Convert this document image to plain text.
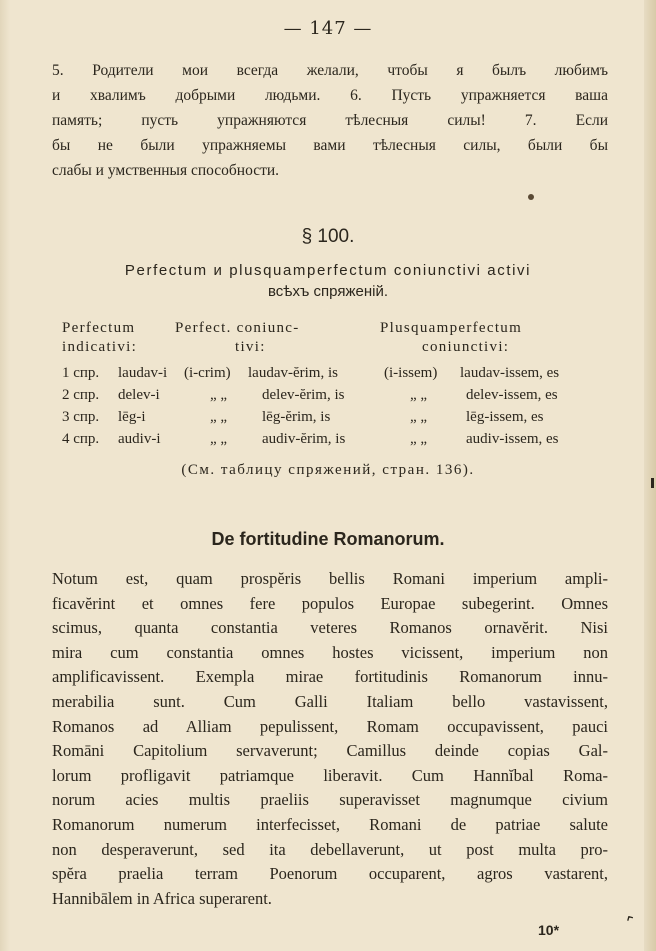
— 147 —
5. Родители мои всегда желали, чтобы я былъ любимъ
и хвалимъ добрыми людьми. 6. Пусть упражняется ваша
память; пусть упражняются тѣлесныя силы! 7. Если
бы не были упражняемы вами тѣлесныя силы, были бы
слабы и умственныя способности.
§ 100.
Perfectum и plusquamperfectum coniunctivi activi
всѣхъ спряженій.
Perfectum
indicativi:
Perfect. coniunc-
tivi:
Plusquamperfectum
coniunctivi:
1 спр. laudav-i (i-crim) laudav-ĕrim, is	(i-issem) laudav-issem, es
2 спр. delev-i	„ „ delev-ĕrim, is	„ „	delev-issem, es
3 спр. lēg-i	„ „ lēg-ĕrim, is	„ „	lēg-issem, es
4 спр. audiv-i	„ „ audiv-ĕrim, is	„ „	audiv-issem, es
(См. таблицу спряжений, стран. 136).
De fortitudine Romanorum.
Notum est, quam prospĕris bellis Romani imperium ampli-
ficavĕrint et omnes fere populos Europae subegerint. Omnes
scimus, quanta constantia veteres Romanos ornavĕrit. Nisi
mira cum constantia omnes hostes vicissent, imperium non
amplificavissent. Exempla mirae fortitudinis Romanorum innu-
merabilia sunt. Cum Galli Italiam bello vastavissent,
Romanos ad Alliam pepulissent, Romam occupavissent, pauci
Romāni Capitolium servaverunt; Camillus deinde copias Gal-
lorum profligavit patriamque liberavit. Cum Hannĭbal Roma-
norum acies multis praeliis superavisset magnumque civium
Romanorum numerum interfecisset, Romani de patriae salute
non desperaverunt, sed ita debellaverunt, ut post multa pro-
spĕra praelia terram Poenorum occuparent, agros vastarent,
Hannibālem in Africa superarent.
10*	⌃
